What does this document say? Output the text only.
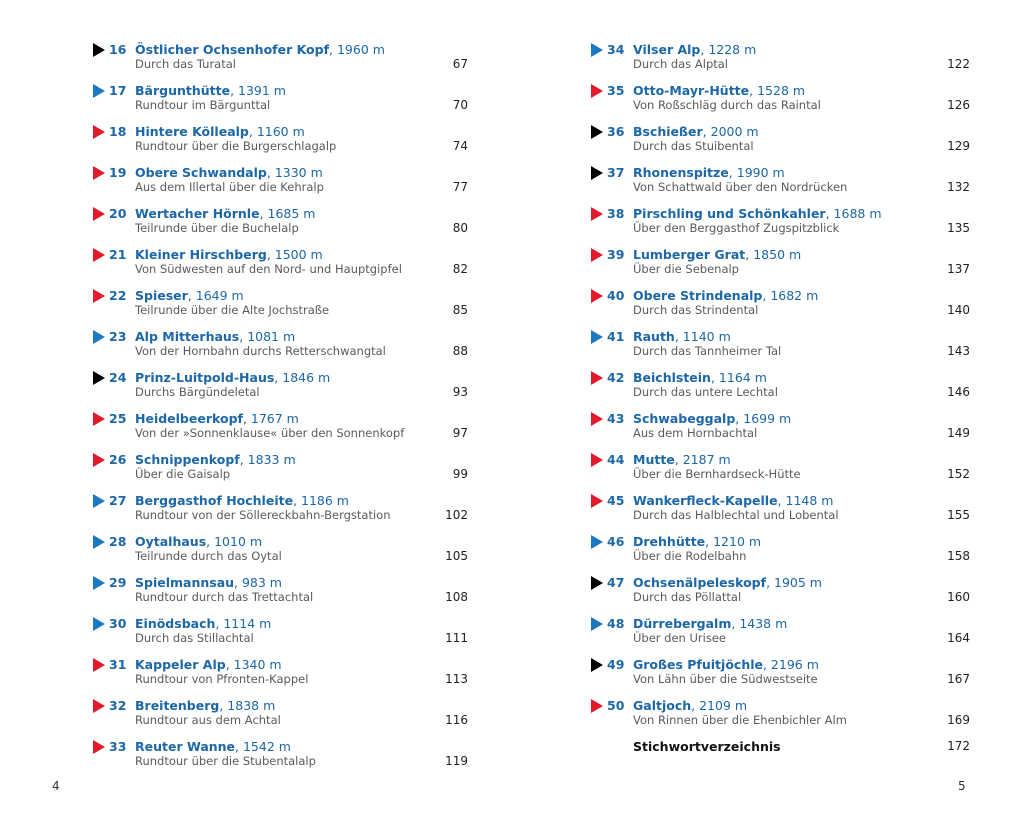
16 Östlicher Ochsenhofer Kopf, 1960 m
Durch das Turatal	67
17 Bärgunthütte, 1391 m
Rundtour im Bärgunttal	70
18 Hintere Köllealp, 1160 m
Rundtour über die Burgerschlagalp	74
19 Obere Schwandalp, 1330 m
Aus dem Illertal über die Kehralp	77
20 Wertacher Hörnle, 1685 m
Teilrunde über die Buchelalp	80
21 Kleiner Hirschberg, 1500 m
Von Südwesten auf den Nord- und Hauptgipfel	82
22 Spieser, 1649 m
Teilrunde über die Alte Jochstraße	85
23 Alp Mitterhaus, 1081 m
Von der Hornbahn durchs Retterschwangtal	88
24 Prinz-Luitpold-Haus, 1846 m
Durchs Bärgündeletal	93
25 Heidelbeerkopf, 1767 m
Von der »Sonnenklause« über den Sonnenkopf	97
26 Schnippenkopf, 1833 m
Über die Gaisalp	99
27 Berggasthof Hochleite, 1186 m
Rundtour von der Söllereckbahn-Bergstation	102
28 Oytalhaus, 1010 m
Teilrunde durch das Oytal	105
29 Spielmannsau, 983 m
Rundtour durch das Trettachtal	108
30 Einödsbach, 1114 m
Durch das Stillachtal	111
31 Kappeler Alp, 1340 m
Rundtour von Pfronten-Kappel	113
32 Breitenberg, 1838 m
Rundtour aus dem Achtal	116
33 Reuter Wanne, 1542 m
Rundtour über die Stubentalalp	119
34 Vilser Alp, 1228 m
Durch das Alptal	122
35 Otto-Mayr-Hütte, 1528 m
Von Roßschläg durch das Raintal	126
36 Bschießer, 2000 m
Durch das Stuibental	129
37 Rhonenspitze, 1990 m
Von Schattwald über den Nordrücken	132
38 Pirschling und Schönkahler, 1688 m
Über den Berggasthof Zugspitzblick	135
39 Lumberger Grat, 1850 m
Über die Sebenalp	137
40 Obere Strindenalp, 1682 m
Durch das Strindental	140
41 Rauth, 1140 m
Durch das Tannheimer Tal	143
42 Beichlstein, 1164 m
Durch das untere Lechtal	146
43 Schwabeggalp, 1699 m
Aus dem Hornbachtal	149
44 Mutte, 2187 m
Über die Bernhardseck-Hütte	152
45 Wankerfleck-Kapelle, 1148 m
Durch das Halblechtal und Lobental	155
46 Drehhütte, 1210 m
Über die Rodelbahn	158
47 Ochsenälpeleskopf, 1905 m
Durch das Pöllattal	160
48 Dürrebergalm, 1438 m
Über den Urisee	164
49 Großes Pfuitjöchle, 2196 m
Von Lähn über die Südwestseite	167
50 Galtjoch, 2109 m
Von Rinnen über die Ehenbichler Alm	169
Stichwortverzeichnis	172
4	5
